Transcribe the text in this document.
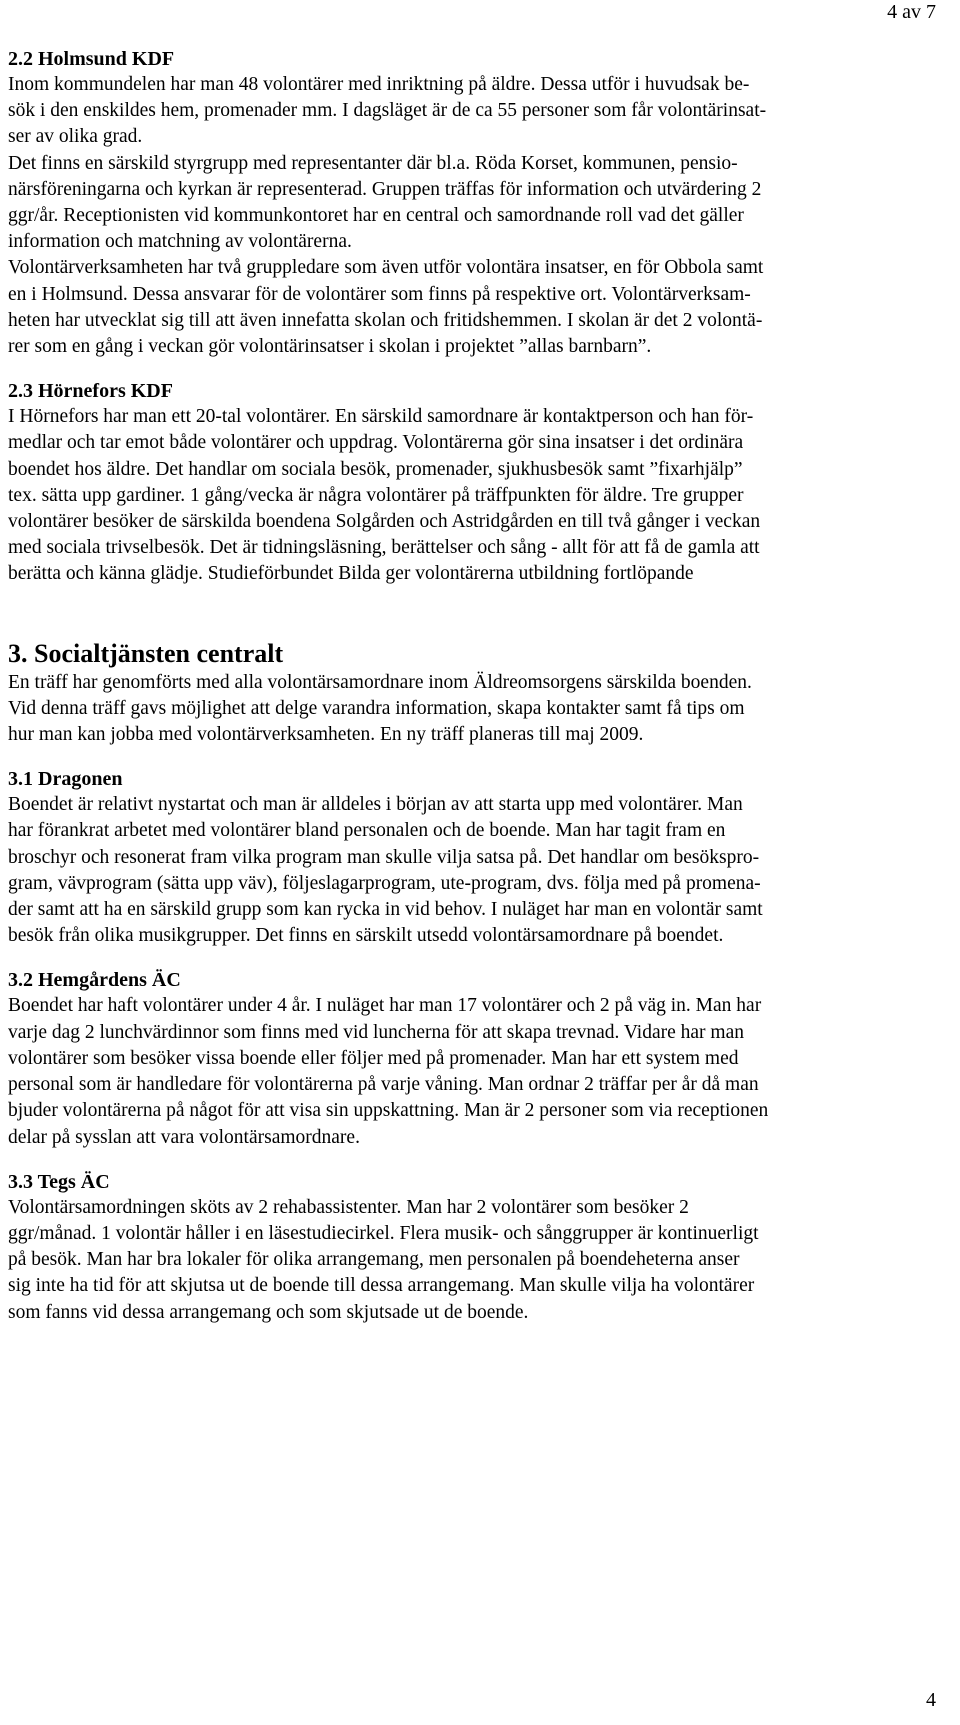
4 av 7
2.2 Holmsund KDF

Inom kommundelen har man 48 volontärer med inriktning på äldre. Dessa utför i huvudsak be-
sök i den enskildes hem, promenader mm. I dagsläget är de ca 55 personer som får volontärinsat-
ser av olika grad.
Det finns en särskild styrgrupp med representanter där bl.a. Röda Korset, kommunen, pensio-
närsföreningarna och kyrkan är representerad. Gruppen träffas för information och utvärdering 2
ggr/år. Receptionisten vid kommunkontoret har en central och samordnande roll vad det gäller
information och matchning av volontärerna.
Volontärverksamheten har två gruppledare som även utför volontära insatser, en för Obbola samt
en i Holmsund. Dessa ansvarar för de volontärer som finns på respektive ort. Volontärverksam-
heten har utvecklat sig till att även innefatta skolan och fritidshemmen. I skolan är det 2 volontä-
rer som en gång i veckan gör volontärinsatser i skolan i projektet ”allas barnbarn”.

2.3 Hörnefors KDF

I Hörnefors har man ett 20-tal volontärer. En särskild samordnare är kontaktperson och han för-
medlar och tar emot både volontärer och uppdrag. Volontärerna gör sina insatser i det ordinära
boendet hos äldre. Det handlar om sociala besök, promenader, sjukhusbesök samt ”fixarhjälp”
tex. sätta upp gardiner. 1 gång/vecka är några volontärer på träffpunkten för äldre. Tre grupper
volontärer besöker de särskilda boendena Solgården och Astridgården en till två gånger i veckan
med sociala trivselbesök. Det är tidningsläsning, berättelser och sång - allt för att få de gamla att
berätta och känna glädje. Studieförbundet Bilda ger volontärerna utbildning fortlöpande

3. Socialtjänsten centralt

En träff har genomförts med alla volontärsamordnare inom Äldreomsorgens särskilda boenden.
Vid denna träff gavs möjlighet att delge varandra information, skapa kontakter samt få tips om
hur man kan jobba med volontärverksamheten. En ny träff planeras till maj 2009.

3.1 Dragonen

Boendet är relativt nystartat och man är alldeles i början av att starta upp med volontärer. Man
har förankrat arbetet med volontärer bland personalen och de boende. Man har tagit fram en
broschyr och resonerat fram vilka program man skulle vilja satsa på. Det handlar om besöksprо-
gram, vävprogram (sätta upp väv), följeslagarprogram, ute-program, dvs. följa med på promena-
der samt att ha en särskild grupp som kan rycka in vid behov. I nuläget har man en volontär samt
besök från olika musikgrupper. Det finns en särskilt utsedd volontärsamordnare på boendet.

3.2 Hemgårdens ÄC

Boendet har haft volontärer under 4 år. I nuläget har man 17 volontärer och 2 på väg in. Man har
varje dag 2 lunchvärdinnor som finns med vid luncherna för att skapa trevnad. Vidare har man
volontärer som besöker vissa boende eller följer med på promenader. Man har ett system med
personal som är handledare för volontärerna på varje våning. Man ordnar 2 träffar per år då man
bjuder volontärerna på något för att visa sin uppskattning. Man är 2 personer som via receptionen
delar på sysslan att vara volontärsamordnare.

3.3 Tegs ÄC

Volontärsamordningen sköts av 2 rehabassistenter. Man har 2 volontärer som besöker 2
ggr/månad. 1 volontär håller i en läsestudiecirkel. Flera musik- och sånggrupper är kontinuerligt
på besök. Man har bra lokaler för olika arrangemang, men personalen på boendeheterna anser
sig inte ha tid för att skjutsa ut de boende till dessa arrangemang. Man skulle vilja ha volontärer
som fanns vid dessa arrangemang och som skjutsade ut de boende.

4
